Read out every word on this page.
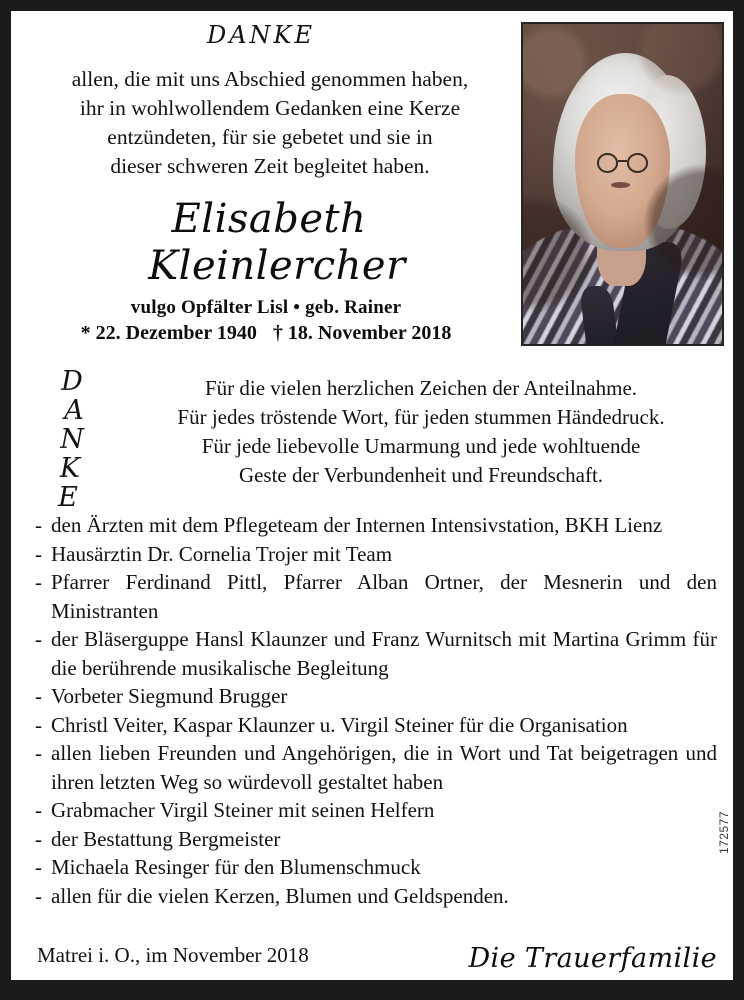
DANKE
allen, die mit uns Abschied genommen haben,
ihr in wohlwollendem Gedanken eine Kerze
entzündeten, für sie gebetet und sie in
dieser schweren Zeit begleitet haben.
Elisabeth
Kleinlercher
vulgo Opfälter Lisl • geb. Rainer
* 22. Dezember 1940 † 18. November 2018
D
A
N
K
E
Für die vielen herzlichen Zeichen der Anteilnahme.
Für jedes tröstende Wort, für jeden stummen Händedruck.
Für jede liebevolle Umarmung und jede wohltuende
Geste der Verbundenheit und Freundschaft.
- den Ärzten mit dem Pflegeteam der Internen Intensivstation, BKH Lienz
- Hausärztin Dr. Cornelia Trojer mit Team
- Pfarrer Ferdinand Pittl, Pfarrer Alban Ortner, der Mesnerin und den Ministranten
- der Bläserguppe Hansl Klaunzer und Franz Wurnitsch mit Martina Grimm für die berührende musikalische Begleitung
- Vorbeter Siegmund Brugger
- Christl Veiter, Kaspar Klaunzer u. Virgil Steiner für die Organisation
- allen lieben Freunden und Angehörigen, die in Wort und Tat beigetragen und ihren letzten Weg so würdevoll gestaltet haben
- Grabmacher Virgil Steiner mit seinen Helfern
- der Bestattung Bergmeister
- Michaela Resinger für den Blumenschmuck
- allen für die vielen Kerzen, Blumen und Geldspenden.
Matrei i. O., im November 2018	Die Trauerfamilie
172577
